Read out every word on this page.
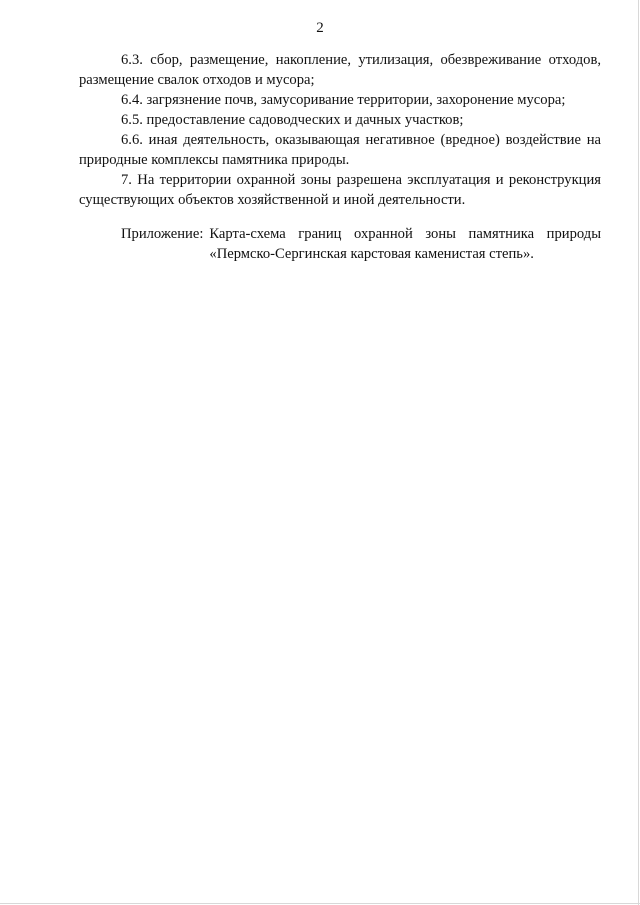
2

6.3. сбор, размещение, накопление, утилизация, обезвреживание отходов, размещение свалок отходов и мусора;

6.4. загрязнение почв, замусоривание территории, захоронение мусора;

6.5. предоставление садоводческих и дачных участков;

6.6. иная деятельность, оказывающая негативное (вредное) воздействие на природные комплексы памятника природы.

7. На территории охранной зоны разрешена эксплуатация и реконструкция существующих объектов хозяйственной и иной деятельности.

Приложение: Карта-схема границ охранной зоны памятника природы
«Пермско-Сергинская карстовая каменистая степь».
